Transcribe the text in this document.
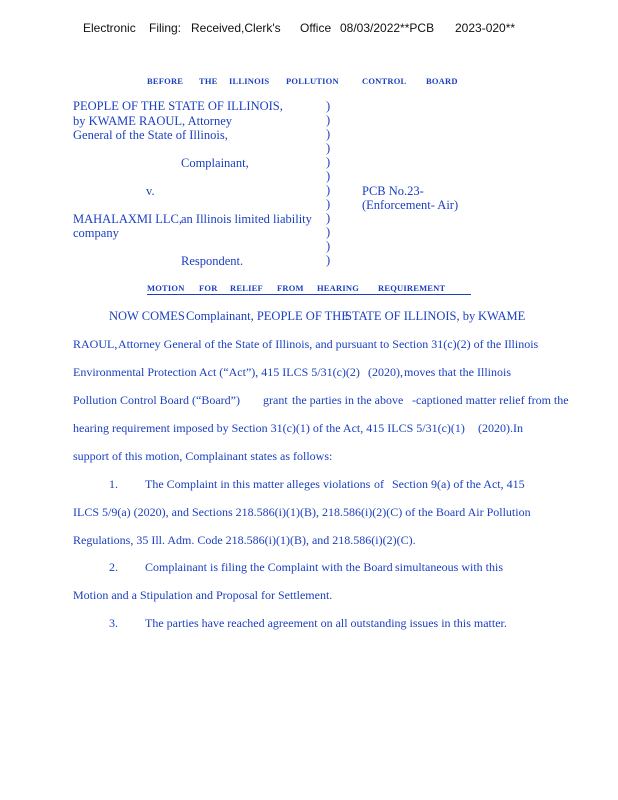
Electronic Filing: Received,Clerk's Office 08/03/2022**PCB 2023-020**
BEFORE THE ILLINOIS POLLUTION	CONTROL BOARD
PEOPLE OF THE STATE OF ILLINOIS,
by KWAME RAOUL, Attorney
General of the State of Illinois,
Complainant,
v.	PCB No.23-
(Enforcement- Air)
MAHALAXMI LLC,
an Illinois limited liability
company
Respondent.
)
)
)
)
)
)
)
)
)
)
)
)
MOTION FOR RELIEF FROM HEARING REQUIREMENT
NOW COMES Complainant, PEOPLE OF THE
STATE OF ILLINOIS, by KWAME
RAOUL, Attorney General of the State of Illinois, and pursuant to Section 31(c)(2) of the Illinois
Environmental Protection Act (“Act”), 415 ILCS 5/31(c)(2) (2020), moves that the Illinois
Pollution Control Board (“Board”) grant the parties in the above -captioned matter relief from the
hearing requirement imposed by Section 31(c)(1) of the Act, 415 ILCS 5/31(c)(1) (2020). In
support of this motion, Complainant states as follows:
1. The Complaint in this matter alleges violations of Section 9(a) of the Act, 415
ILCS 5/9(a) (2020), and Sections 218.586(i)(1)(B), 218.586(i)(2)(C) of the Board Air Pollution
Regulations, 35 Ill. Adm. Code 218.586(i)(1)(B), and 218.586(i)(2)(C).
2. Complainant is filing the Complaint with the Board simultaneous with this
Motion and a Stipulation and Proposal for Settlement.
3. The parties have reached agreement on all outstanding issues in this matter.
